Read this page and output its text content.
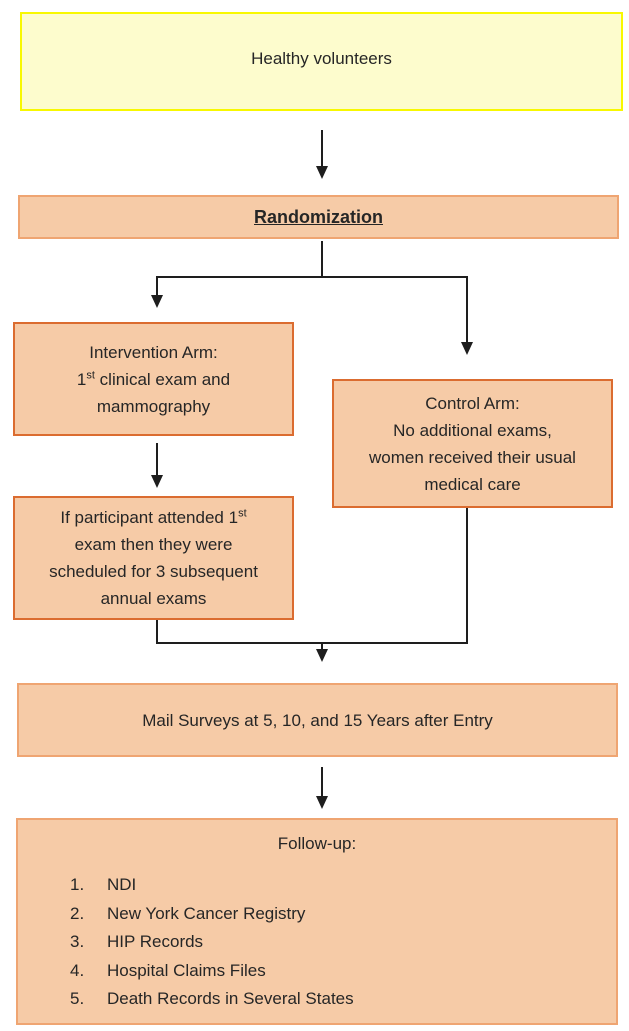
Healthy volunteers
Randomization
Intervention Arm:
1st clinical exam and
mammography	Control Arm:
No additional exams,
women received their usual
medical care
If participant attended 1st
exam then they were
scheduled for 3 subsequent
annual exams
Mail Surveys at 5, 10, and 15 Years after Entry
Follow-up:
1.	NDI
2.	New York Cancer Registry
3.	HIP Records
4.	Hospital Claims Files
5.	Death Records in Several States
